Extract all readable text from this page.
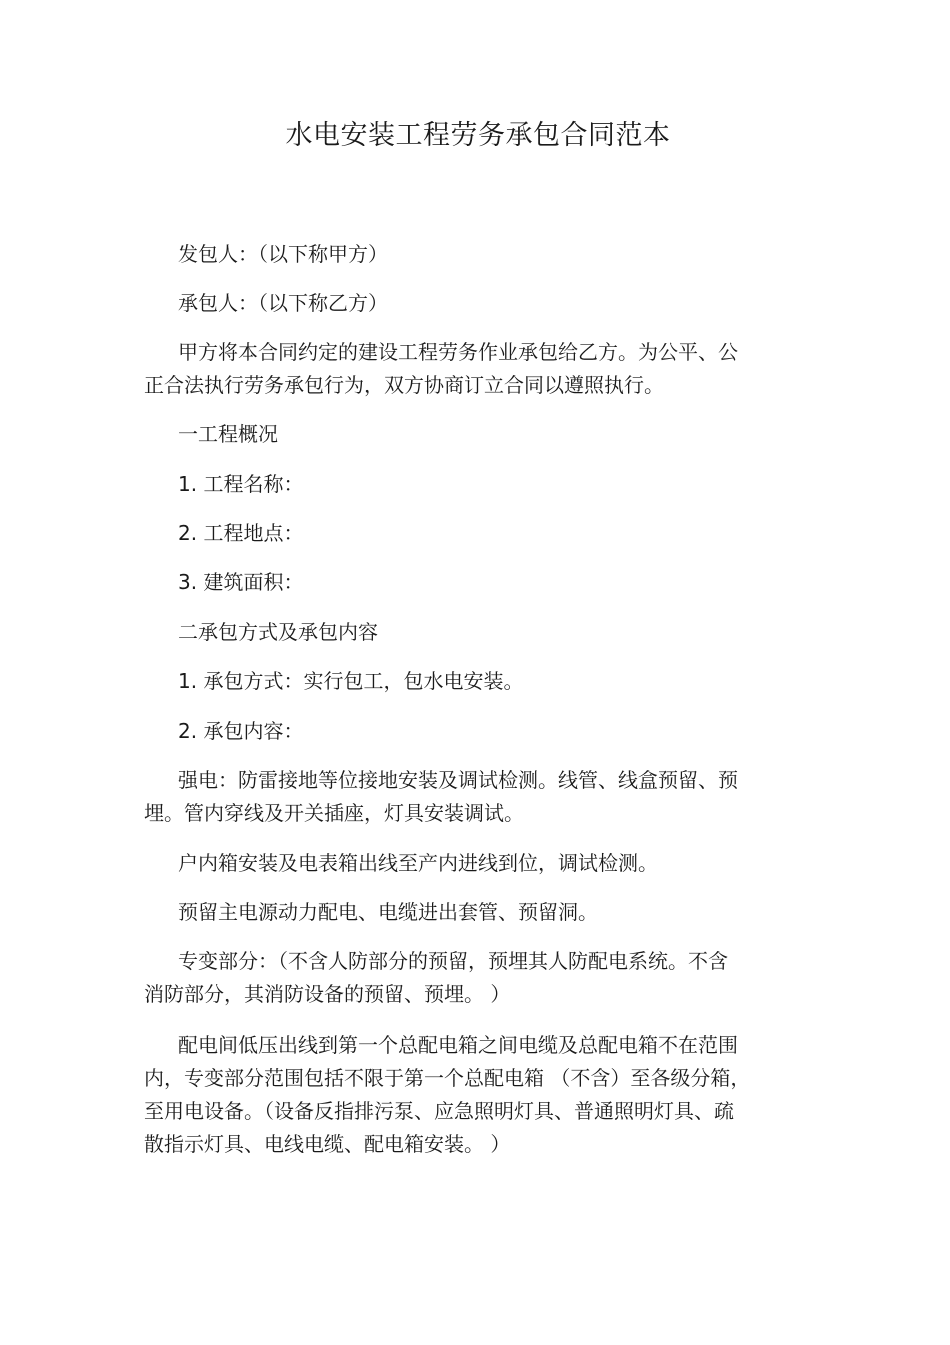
水电安装工程劳务承包合同范本
发包人：（以下称甲方）
承包人：（以下称乙方）
甲方将本合同约定的建设工程劳务作业承包给乙方。为公平、公
正合法执行劳务承包行为，双方协商订立合同以遵照执行。
一工程概况
1. 工程名称：
2. 工程地点：
3. 建筑面积：
二承包方式及承包内容
1. 承包方式：实行包工，包水电安装。
2. 承包内容：
强电：防雷接地等位接地安装及调试检测。线管、线盒预留、预
埋。管内穿线及开关插座，灯具安装调试。
户内箱安装及电表箱出线至产内进线到位，调试检测。
预留主电源动力配电、电缆进出套管、预留洞。
专变部分：（不含人防部分的预留，预埋其人防配电系统。不含
消防部分，其消防设备的预留、预埋。 ）
配电间低压出线到第一个总配电箱之间电缆及总配电箱不在范围
内，专变部分范围包括不限于第一个总配电箱 （不含）至各级分箱，
至用电设备。（设备反指排污泵、应急照明灯具、普通照明灯具、疏
散指示灯具、电线电缆、配电箱安装。 ）
